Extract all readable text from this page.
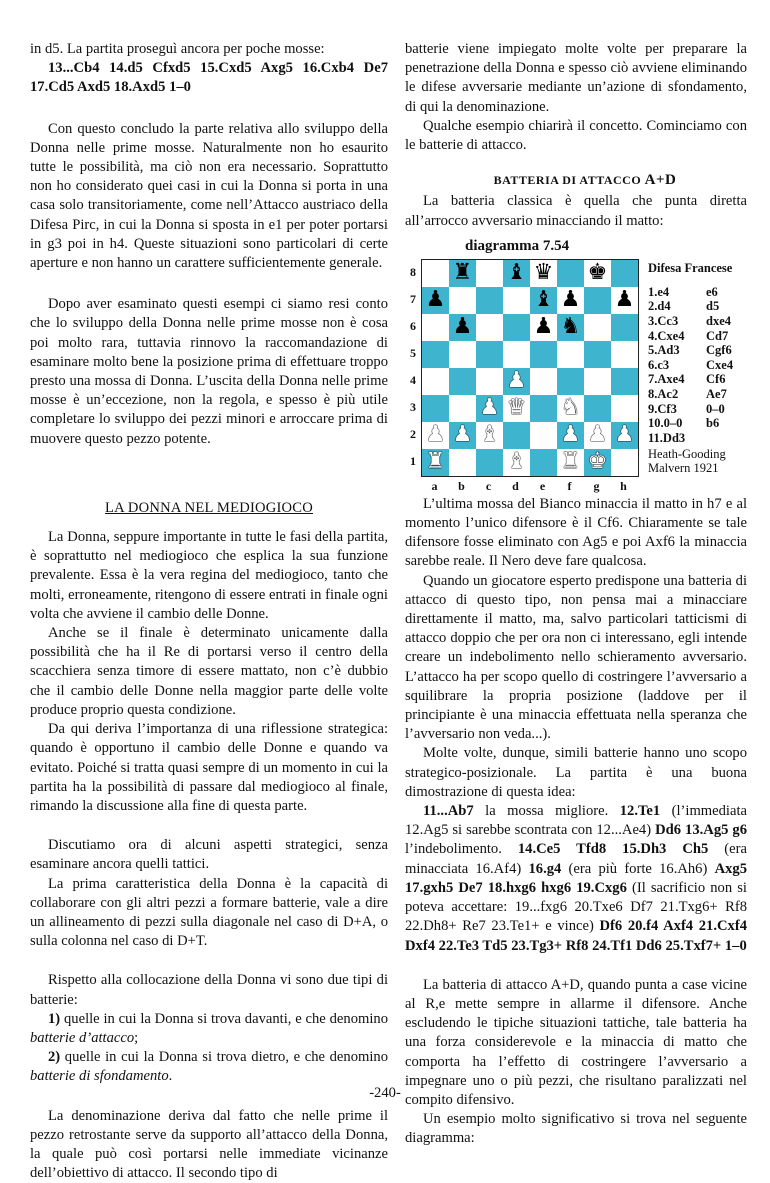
in d5. La partita proseguì ancora per poche mosse:

13...Cb4 14.d5 Cfxd5 15.Cxd5 Axg5 16.Cxb4 De7 17.Cd5 Axd5 18.Axd5 1–0

Con questo concludo la parte relativa allo sviluppo della Donna nelle prime mosse. Naturalmente non ho esaurito tutte le possibilità, ma ciò non era necessario. Soprattutto non ho considerato quei casi in cui la Donna si porta in una casa solo transitoriamente, come nell’Attacco austriaco della Difesa Pirc, in cui la Donna si sposta in e1 per poter portarsi in g3 poi in h4. Queste situazioni sono particolari di certe aperture e non hanno un carattere sufficientemente generale.

Dopo aver esaminato questi esempi ci siamo resi conto che lo sviluppo della Donna nelle prime mosse non è cosa poi molto rara, tuttavia rinnovo la raccomandazione di esaminare molto bene la posizione prima di effettuare troppo presto una mossa di Donna. L’uscita della Donna nelle prime mosse è un’eccezione, non la regola, e spesso è più utile completare lo sviluppo dei pezzi minori e arroccare prima di muovere questo pezzo potente.

LA DONNA NEL MEDIOGIOCO

La Donna, seppure importante in tutte le fasi della partita, è soprattutto nel mediogioco che esplica la sua funzione prevalente. Essa è la vera regina del mediogioco, tanto che molti, erroneamente, ritengono di essere entrati in finale ogni volta che avviene il cambio delle Donne.

Anche se il finale è determinato unicamente dalla possibilità che ha il Re di portarsi verso il centro della scacchiera senza timore di essere mattato, non c’è dubbio che il cambio delle Donne nella maggior parte delle volte produce proprio questa condizione.

Da qui deriva l’importanza di una riflessione strategica: quando è opportuno il cambio delle Donne e quando va evitato. Poiché si tratta quasi sempre di un momento in cui la partita ha la possibilità di passare dal mediogioco al finale, rimando la discussione alla fine di questa parte.

Discutiamo ora di alcuni aspetti strategici, senza esaminare ancora quelli tattici.

La prima caratteristica della Donna è la capacità di collaborare con gli altri pezzi a formare batterie, vale a dire un allineamento di pezzi sulla diagonale nel caso di D+A, o sulla colonna nel caso di D+T.

Rispetto alla collocazione della Donna vi sono due tipi di batterie:

1) quelle in cui la Donna si trova davanti, e che denomino batterie d’attacco;

2) quelle in cui la Donna si trova dietro, e che denomino batterie di sfondamento.

La denominazione deriva dal fatto che nelle prime il pezzo retrostante serve da supporto all’attacco della Donna, la quale può così portarsi nelle immediate vicinanze dell’obiettivo di attacco. Il secondo tipo di

batterie viene impiegato molte volte per preparare la penetrazione della Donna e spesso ciò avviene eliminando le difese avversarie mediante un’azione di sfondamento, di qui la denominazione.

Qualche esempio chiarirà il concetto. Cominciamo con le batterie di attacco.

BATTERIA DI ATTACCO A+D

La batteria classica è quella che punta diretta all’arrocco avversario minacciando il matto:

diagramma 7.54
8
7
6
5
4
3
2
1
♜ ♝ ♛ ♚
♟	♝ ♟ ♟
♟	♟ ♞
♟
♟ ♛ ♞
♟ ♟ ♝	♟ ♟ ♟
♜	♝ ♜ ♚
a	b	c	d	e	f	g	h
Difesa Francese
1.e4	e6
2.d4	d5
3.Cc3	dxe4
4.Cxe4	Cd7
5.Ad3	Cgf6
6.c3	Cxe4
7.Axe4	Cf6
8.Ac2	Ae7
9.Cf3	0–0
10.0–0	b6
11.Dd3
Heath-Gooding
Malvern 1921

L’ultima mossa del Bianco minaccia il matto in h7 e al momento l’unico difensore è il Cf6. Chiaramente se tale difensore fosse eliminato con Ag5 e poi Axf6 la minaccia sarebbe reale. Il Nero deve fare qualcosa.

Quando un giocatore esperto predispone una batteria di attacco di questo tipo, non pensa mai a minacciare direttamente il matto, ma, salvo particolari tatticismi di attacco doppio che per ora non ci interessano, egli intende creare un indebolimento nello schieramento avversario. L’attacco ha per scopo quello di costringere l’avversario a squilibrare la propria posizione (laddove per il principiante è una minaccia effettuata nella speranza che l’avversario non veda...).

Molte volte, dunque, simili batterie hanno uno scopo strategico-posizionale. La partita è una buona dimostrazione di questa idea:

11...Ab7 la mossa migliore. 12.Te1 (l’immediata 12.Ag5 si sarebbe scontrata con 12...Ae4) Dd6 13.Ag5 g6 l’indebolimento. 14.Ce5 Tfd8 15.Dh3 Ch5 (era minacciata 16.Af4) 16.g4 (era più forte 16.Ah6) Axg5 17.gxh5 De7 18.hxg6 hxg6 19.Cxg6 (Il sacrificio non si poteva accettare: 19...fxg6 20.Txe6 Df7 21.Txg6+ Rf8 22.Dh8+ Re7 23.Te1+ e vince) Df6 20.f4 Axf4 21.Cxf4 Dxf4 22.Te3 Td5 23.Tg3+ Rf8 24.Tf1 Dd6 25.Txf7+ 1–0

La batteria di attacco A+D, quando punta a case vicine al R,e mette sempre in allarme il difensore. Anche escludendo le tipiche situazioni tattiche, tale batteria ha una forza considerevole e la minaccia di matto che comporta ha l’effetto di costringere l’avversario a impegnare uno o più pezzi, che risultano paralizzati nel compito difensivo.

Un esempio molto significativo si trova nel seguente diagramma:

-240-
